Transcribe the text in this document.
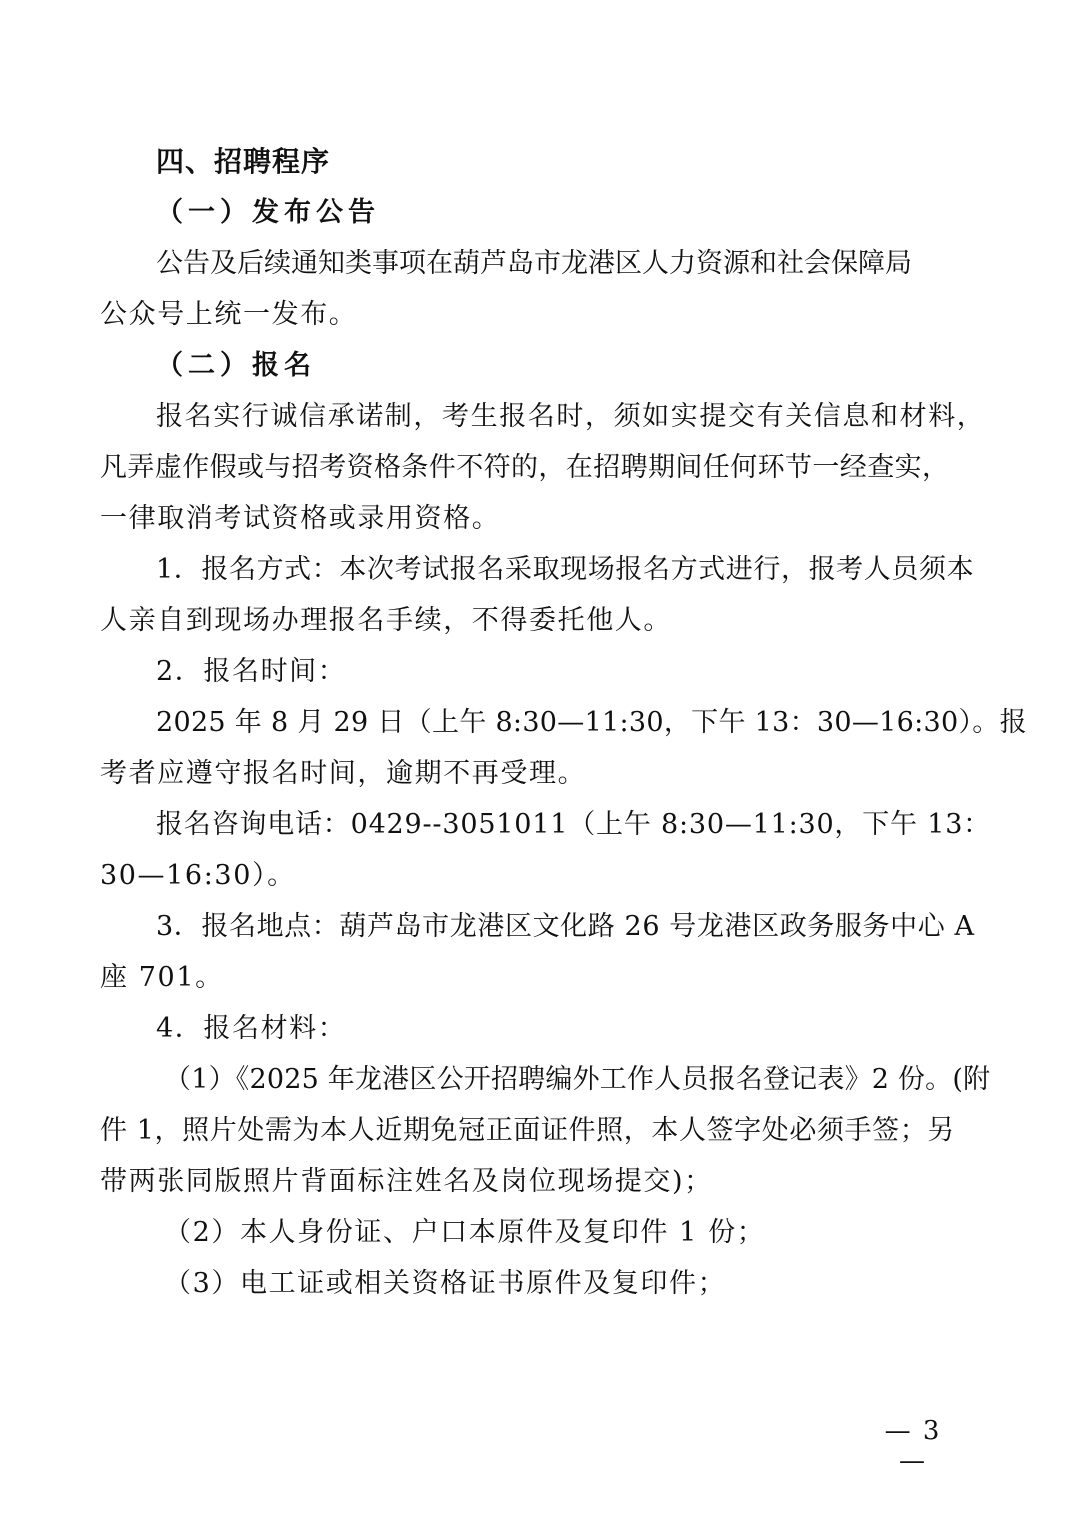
四、招聘程序
（一）发布公告
公告及后续通知类事项在葫芦岛市龙港区人力资源和社会保障局
公众号上统一发布。
（二）报名
报名实行诚信承诺制，考生报名时，须如实提交有关信息和材料，
凡弄虚作假或与招考资格条件不符的，在招聘期间任何环节一经查实，
一律取消考试资格或录用资格。
1．报名方式：本次考试报名采取现场报名方式进行，报考人员须本
人亲自到现场办理报名手续，不得委托他人。
2．报名时间：
2025 年 8 月 29 日（上午 8:30—11:30，下午 13：30—16:30）。报
考者应遵守报名时间，逾期不再受理。
报名咨询电话：0429--3051011（上午 8:30—11:30，下午 13：
30—16:30）。
3．报名地点：葫芦岛市龙港区文化路 26 号龙港区政务服务中心 A
座 701。
4．报名材料：
（1）《2025 年龙港区公开招聘编外工作人员报名登记表》2 份。(附
件 1，照片处需为本人近期免冠正面证件照，本人签字处必须手签；另
带两张同版照片背面标注姓名及岗位现场提交)；
（2）本人身份证、户口本原件及复印件 1 份；
（3）电工证或相关资格证书原件及复印件；
— 3 —
